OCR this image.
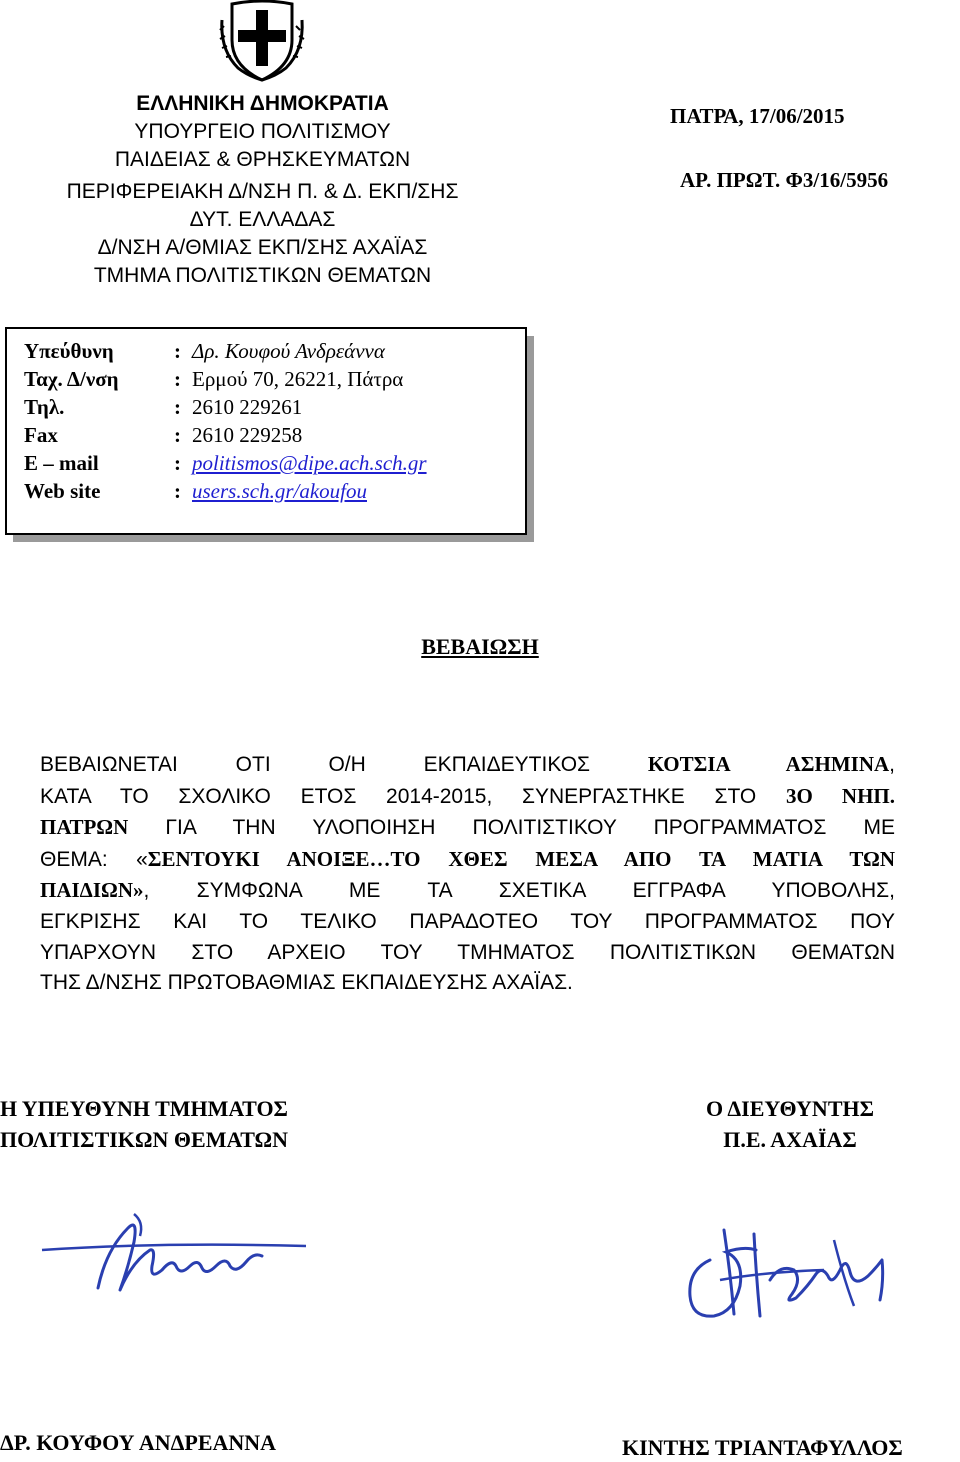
ΕΛΛΗΝΙΚΗ ΔΗΜΟΚΡΑΤΙΑ
ΥΠΟΥΡΓΕΙΟ ΠΟΛΙΤΙΣΜΟΥ
ΠΑΙΔΕΙΑΣ & ΘΡΗΣΚΕΥΜΑΤΩΝ
ΠΕΡΙΦΕΡΕΙΑΚΗ Δ/ΝΣΗ Π. & Δ. ΕΚΠ/ΣΗΣ
ΔΥΤ. ΕΛΛΑΔΑΣ
Δ/ΝΣΗ Α/ΘΜΙΑΣ ΕΚΠ/ΣΗΣ ΑΧΑΪΑΣ
ΤΜΗΜΑ ΠΟΛΙΤΙΣΤΙΚΩΝ ΘΕΜΑΤΩΝ
ΠΑΤΡΑ, 17/06/2015
ΑΡ. ΠΡΩΤ. Φ3/16/5956
Υπεύθυνη	: Δρ. Κουφού Ανδρεάννα
Ταχ. Δ/νση	: Ερμού 70, 26221, Πάτρα
Τηλ.	: 2610 229261
Fax	: 2610 229258
E – mail	: politismos@dipe.ach.sch.gr
Web site	: users.sch.gr/akoufou
ΒΕΒΑΙΩΣΗ
ΒΕΒΑΙΩΝΕΤΑΙ ΟΤΙ Ο/Η ΕΚΠΑΙΔΕΥΤΙΚΟΣ ΚΟΤΣΙΑ ΑΣΗΜΙΝΑ,
ΚΑΤΑ ΤΟ ΣΧΟΛΙΚΟ ΕΤΟΣ 2014-2015, ΣΥΝΕΡΓΑΣΤΗΚΕ ΣΤΟ 3Ο ΝΗΠ.
ΠΑΤΡΩΝ ΓΙΑ ΤΗΝ ΥΛΟΠΟΙΗΣΗ ΠΟΛΙΤΙΣΤΙΚΟΥ ΠΡΟΓΡΑΜΜΑΤΟΣ ΜΕ
ΘΕΜΑ: «ΣΕΝΤΟΥΚΙ ΑΝΟΙΞΕ…ΤΟ ΧΘΕΣ ΜΕΣΑ ΑΠΟ ΤΑ ΜΑΤΙΑ ΤΩΝ
ΠΑΙΔΙΩΝ», ΣΥΜΦΩΝΑ ΜΕ ΤΑ ΣΧΕΤΙΚΑ ΕΓΓΡΑΦΑ ΥΠΟΒΟΛΗΣ,
ΕΓΚΡΙΣΗΣ ΚΑΙ ΤΟ ΤΕΛΙΚΟ ΠΑΡΑΔΟΤΕΟ ΤΟΥ ΠΡΟΓΡΑΜΜΑΤΟΣ ΠΟΥ
ΥΠΑΡΧΟΥΝ ΣΤΟ ΑΡΧΕΙΟ ΤΟΥ ΤΜΗΜΑΤΟΣ ΠΟΛΙΤΙΣΤΙΚΩΝ ΘΕΜΑΤΩΝ
ΤΗΣ Δ/ΝΣΗΣ ΠΡΩΤΟΒΑΘΜΙΑΣ ΕΚΠΑΙΔΕΥΣΗΣ ΑΧΑΪΑΣ.
Η ΥΠΕΥΘΥΝΗ ΤΜΗΜΑΤΟΣ
ΠΟΛΙΤΙΣΤΙΚΩΝ ΘΕΜΑΤΩΝ
Ο ΔΙΕΥΘΥΝΤΗΣ
Π.Ε. ΑΧΑΪΑΣ
ΔΡ. ΚΟΥΦΟΥ ΑΝΔΡΕΑΝΝΑ	ΚΙΝΤΗΣ ΤΡΙΑΝΤΑΦΥΛΛΟΣ
